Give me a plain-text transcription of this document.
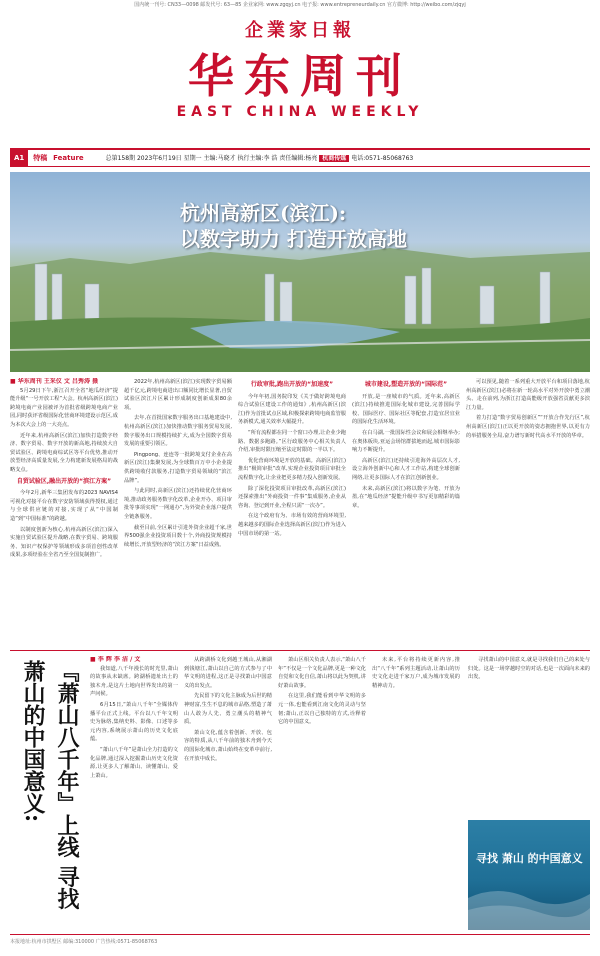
国内统一刊号: CN33—0098 邮发代号: 63—85 企业家网: www.zgqyj.cn 电子报: www.entrepreneurdaily.cn 官方微博: http://weibo.com/zjqyj
企業家日報
华东周刊
EAST CHINA WEEKLY
A1 特稿 Feature	总第158期 2023年6月19日 星期一 主编:马晓才 执行主编:李 浩 责任编辑:杨亮 杭商传媒 电话:0571-85068763
杭州高新区(滨江):
以数字助力 打造开放高地
■ 华东周刊 王采仪 文 吕秀涛 摄

5月29日下午,浙江召开全省“地瓜经济”提能升级“一号开放工程”大会。杭州高新区(滨江)跨境电商产业园被评为首批省级跨境电商产业园,同时获评省级国际化营商环境建设示范区,成为本次大会上的一大亮点。

近年来,杭州高新区(滨江)加快打造数字经济、数字贸易、数字开放的新高地,持续放大自贸试验区、跨境电商综试区等平台优势,推动开放型经济高质量发展,全力构建新发展格局的战略支点。

自贸试验区,融出开放的“滨江方案”

今年2月,新华三集团发布的2023 NAVIS4可视化对接平台在数字安防领域获得授权,通过与全球供应链的对接,实现了从“中国制造”到“中国标准”的跨越。

以制度创新为核心,杭州高新区(滨江)深入实施自贸试验区提升战略,在数字贸易、跨境服务、知识产权保护等领域形成多项首创性改革成果,多项经验在全省乃至全国复制推广。

2022年,杭州高新区(滨江)实现数字贸易额超千亿元,跨境电商进出口额同比增长显著,自贸试验区滨江片区累计形成制度创新成果80余项。

去年,在首批国家数字服务出口基地建设中,杭州高新区(滨江)加快推动数字服务贸易发展,数字服务出口规模持续扩大,成为全国数字贸易发展的重要引领区。

Pingpong、连连等一批跨境支付企业在高新区(滨江)集聚发展,为全球数百万中小企业提供跨境收付款服务,打造数字贸易领域的“滨江品牌”。

与此同时,高新区(滨江)还持续优化营商环境,推动政务服务数字化改革,企业开办、项目审批等事项实现“一网通办”,为外资企业落户提供全链条服务。

截至目前,全区累计引进外资企业超千家,世界500强企业投资项目数十个,外商投资规模持续增长,开放型经济的“滨江方案”日益成熟。

行政审批,跑出开放的“加速度”

今年年初,国务院印发《关于做好跨境电商综合试验区建设工作的通知》,杭州高新区(滨江)作为首批试点区域,积极探索跨境电商监管服务新模式,通关效率大幅提升。

“所有流程都在同一个窗口办理,让企业少跑路、数据多跑路。”区行政服务中心相关负责人介绍,审批时限压缩至法定时限的一半以下。

优化营商环境是开放的基础。高新区(滨江)推出“极简审批”改革,实现企业投资项目审批全流程数字化,让企业把更多精力投入创新发展。

除了深化投资项目审批改革,高新区(滨江)还探索推出“外商投资一件事”集成服务,企业从咨询、登记到开业,全程只需“一次办”。

在这个政府有为、市场有效的营商环境里,越来越多的国际企业选择高新区(滨江)作为进入中国市场的第一站。

城市建设,塑造开放的“国际范”

开放,是一座城市的气质。近年来,高新区(滨江)持续推进国际化城市建设,完善国际学校、国际医疗、国际社区等配套,打造宜居宜业的国际化生活环境。

在白马湖,一批国际性会议和展会相继举办;在奥体板块,亚运会场馆群拔地而起,城市国际影响力不断提升。

高新区(滨江)还持续引进海外高层次人才,设立海外创新中心和人才工作站,构建全球创新网络,让更多国际人才在滨江创新创业。

未来,高新区(滨江)将以数字为笔、开放为墨,在“地瓜经济”提能升级中书写更加精彩的篇章。

可以预见,随着一系列重大开放平台和项目落地,杭州高新区(滨江)必将在新一轮高水平对外开放中勇立潮头、走在前列,为浙江打造高能级开放强省贡献更多滨江力量。

着力打造“数字贸易创新区”“开放合作先行区”,杭州高新区(滨江)正以更开放的姿态拥抱世界,以更有力的举措服务全局,奋力谱写新时代高水平开放的华章。

『萧山八千年』上线 寻找萧山的中国意义:
■ 李 辉 李 洁 / 文

我知道,八千年漫长的时光里,萧山的故事从未缺席。跨湖桥遗址出土的独木舟,是这片土地向世界发出的第一声问候。

6月15日,“萧山八千年”全媒体传播平台正式上线。平台以八千年文明史为脉络,集纳史料、影像、口述等多元内容,系统展示萧山的历史文化底蕴。

“萧山八千年”是萧山全力打造的文化品牌,通过深入挖掘萧山历史文化资源,让更多人了解萧山、读懂萧山、爱上萧山。

从跨湖桥文化到越王城山,从湘湖到钱塘江,萧山以自己的方式参与了中华文明的进程,这正是寻找萧山中国意义的出发点。

先民留下的文化主脉成为后世的精神财富,生生不息的城市品格,塑造了萧山人敢为人先、勇立潮头的精神气质。

萧山文化,蕴含着创新、开放、包容的特质,从八千年前的独木舟到今天的国际化城市,萧山始终在变革中前行,在开放中成长。

萧山区相关负责人表示,“萧山八千年”不仅是一个文化品牌,更是一种文化自觉和文化自信,萧山将以此为契机,讲好萧山故事。

在这里,我们能看到中华文明的多元一体,也能看到江南文化的灵动与坚韧;萧山,正以自己独特的方式,诠释着它的中国意义。

未来,平台将持续更新内容,推出“八千年”系列主题活动,让萧山的历史文化走进千家万户,成为城市发展的精神动力。

寻找萧山的中国意义,就是寻找我们自己的来处与归处。这是一场穿越时空的对话,也是一次面向未来的出发。

寻找 萧山 的中国意义
本报地址:杭州市拱墅区 邮编:310000 广告热线:0571-85068763
